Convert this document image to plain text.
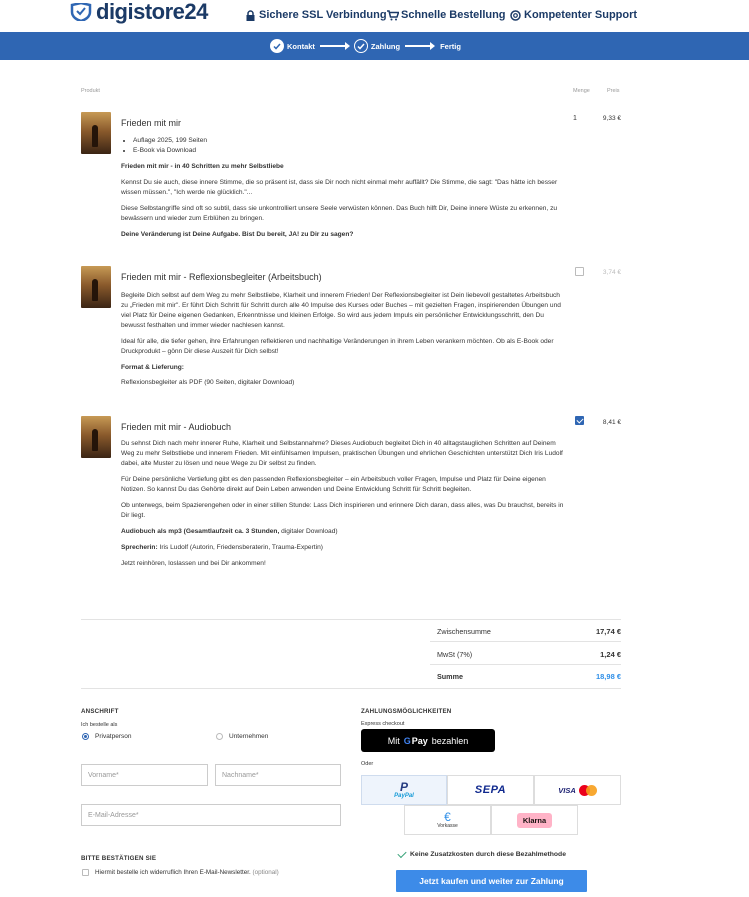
digistore24	Sichere SSL Verbindung Schnelle Bestellung Kompetenter Support
Kontakt	Zahlung	Fertig
Produkt	Menge	Preis
Frieden mit mir
• Auflage 2025, 199 Seiten
• E-Book via Download

Frieden mit mir - in 40 Schritten zu mehr Selbstliebe

Kennst Du sie auch, diese innere Stimme, die so präsent ist, dass sie Dir noch nicht einmal mehr auffällt? Die Stimme, die sagt: "Das hätte ich besser wissen müssen.", "Ich werde nie glücklich."...

Diese Selbstangriffe sind oft so subtil, dass sie unkontrolliert unsere Seele verwüsten können. Das Buch hilft Dir, Deine innere Wüste zu erkennen, zu bewässern und wieder zum Erblühen zu bringen.

Deine Veränderung ist Deine Aufgabe. Bist Du bereit, JA! zu Dir zu sagen?

1	9,33 €
Frieden mit mir - Reflexionsbegleiter (Arbeitsbuch)

Begleite Dich selbst auf dem Weg zu mehr Selbstliebe, Klarheit und innerem Frieden! Der Reflexionsbegleiter ist Dein liebevoll gestaltetes Arbeitsbuch zu „Frieden mit mir". Er führt Dich Schritt für Schritt durch alle 40 Impulse des Kurses oder Buches – mit gezielten Fragen, inspirierenden Übungen und viel Platz für Deine eigenen Gedanken, Erkenntnisse und kleinen Erfolge. So wird aus jedem Impuls ein persönlicher Entwicklungsschritt, den Du bewusst festhalten und immer wieder nachlesen kannst.

Ideal für alle, die tiefer gehen, ihre Erfahrungen reflektieren und nachhaltige Veränderungen in ihrem Leben verankern möchten. Ob als E-Book oder Druckprodukt – gönn Dir diese Auszeit für Dich selbst!

Format & Lieferung:

Reflexionsbegleiter als PDF (90 Seiten, digitaler Download)

3,74 €
Frieden mit mir - Audiobuch

Du sehnst Dich nach mehr innerer Ruhe, Klarheit und Selbstannahme? Dieses Audiobuch begleitet Dich in 40 alltagstauglichen Schritten auf Deinem Weg zu mehr Selbstliebe und innerem Frieden. Mit einfühlsamen Impulsen, praktischen Übungen und ehrlichen Geschichten unterstützt Dich Iris Ludolf dabei, alte Muster zu lösen und neue Wege zu Dir selbst zu finden.

Für Deine persönliche Vertiefung gibt es den passenden Reflexionsbegleiter – ein Arbeitsbuch voller Fragen, Impulse und Platz für Deine eigenen Notizen. So kannst Du das Gehörte direkt auf Dein Leben anwenden und Deine Entwicklung Schritt für Schritt begleiten.

Ob unterwegs, beim Spazierengehen oder in einer stillen Stunde: Lass Dich inspirieren und erinnere Dich daran, dass alles, was Du brauchst, bereits in Dir liegt.

Audiobuch als mp3 (Gesamtlaufzeit ca. 3 Stunden, digitaler Download)

Sprecherin: Iris Ludolf (Autorin, Friedensberaterin, Trauma-Expertin)

Jetzt reinhören, loslassen und bei Dir ankommen!

8,41 €
Zwischensumme	17,74 €
MwSt (7%)	1,24 €
Summe	18,98 €
ANSCHRIFT
Ich bestelle als
Privatperson	Unternehmen
Vorname*	Nachname*
E-Mail-Adresse*
BITTE BESTÄTIGEN SIE
Hiermit bestelle ich widerruflich Ihren E-Mail-Newsletter. (optional)
ZAHLUNGSMÖGLICHKEITEN
Express checkout
Mit G Pay bezahlen
Oder
P
PayPal	SEPA	VISA
€
Vorkasse
Klarna
Keine Zusatzkosten durch diese Bezahlmethode
Jetzt kaufen und weiter zur Zahlung
